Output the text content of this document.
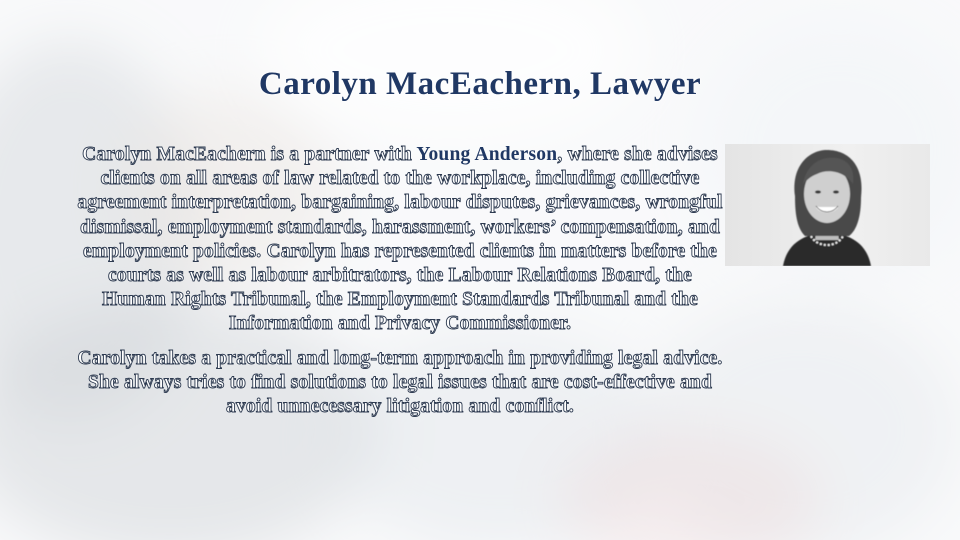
Carolyn MacEachern, Lawyer

Carolyn MacEachern is a partner with Young Anderson, where she advises clients on all areas of law related to the workplace, including collective agreement interpretation, bargaining, labour disputes, grievances, wrongful dismissal, employment standards, harassment, workers’ compensation, and employment policies. Carolyn has represented clients in matters before the courts as well as labour arbitrators, the Labour Relations Board, the Human Rights Tribunal, the Employment Standards Tribunal and the Information and Privacy Commissioner.

Carolyn takes a practical and long-term approach in providing legal advice. She always tries to find solutions to legal issues that are cost-effective and avoid unnecessary litigation and conflict.
